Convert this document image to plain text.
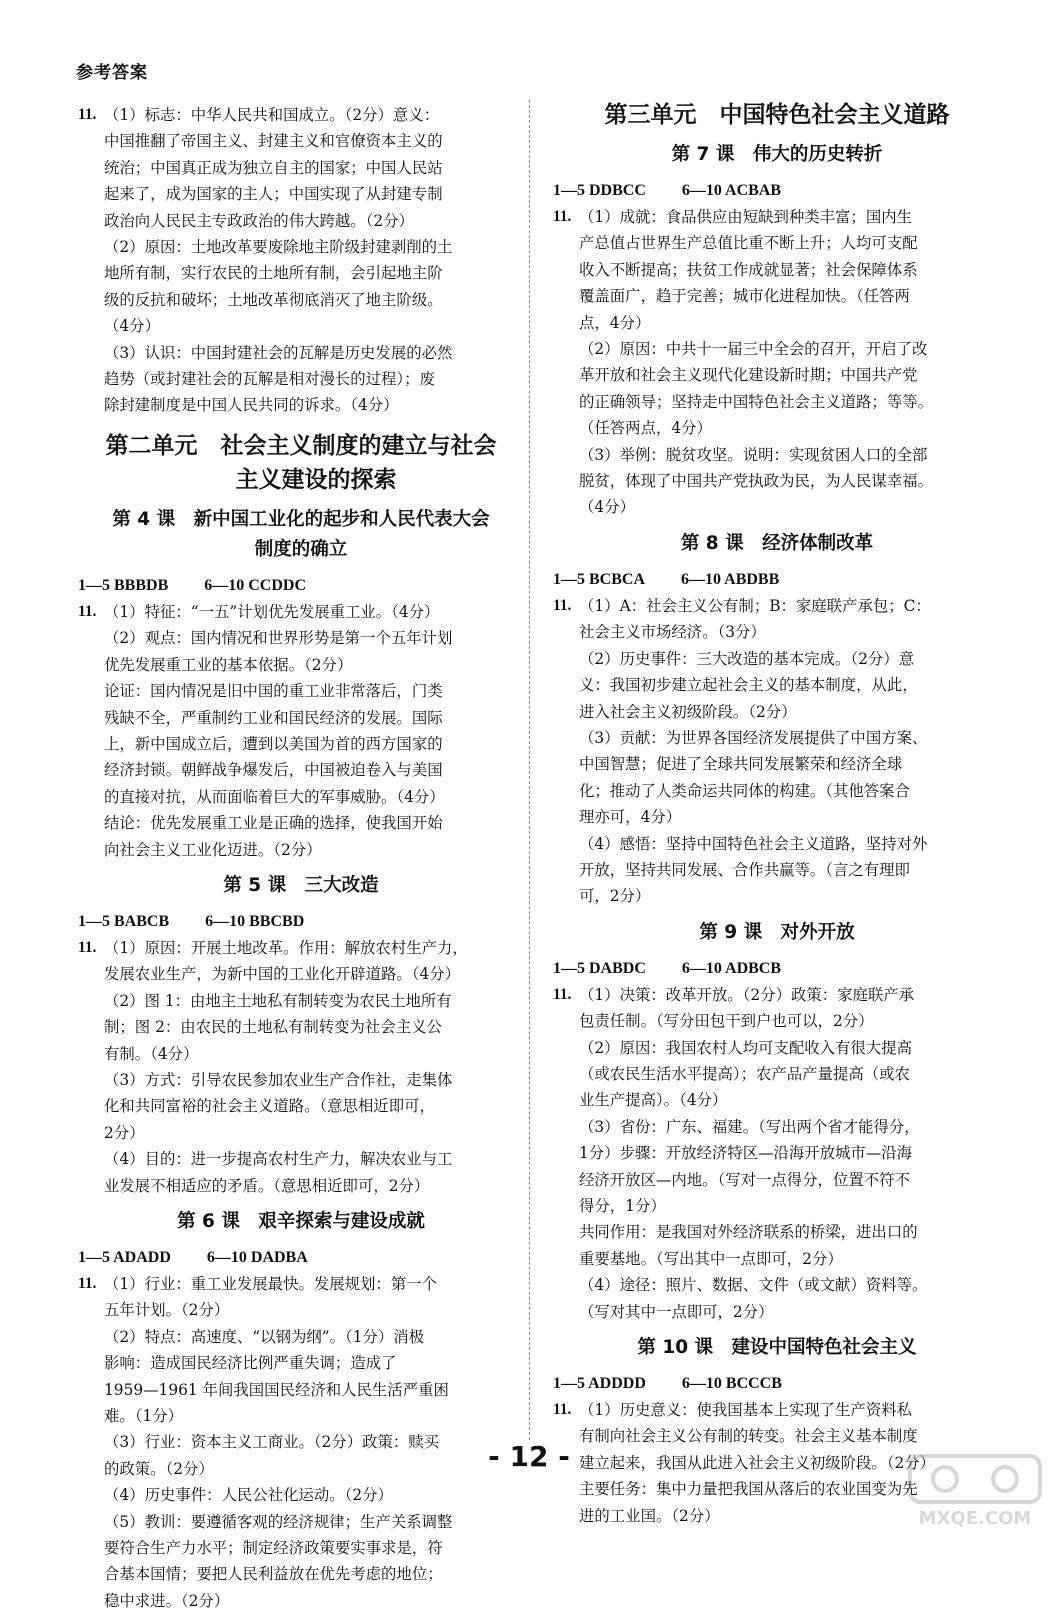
参考答案
11. （1）标志：中华人民共和国成立。（2分）意义：
中国推翻了帝国主义、封建主义和官僚资本主义的
统治；中国真正成为独立自主的国家；中国人民站
起来了，成为国家的主人；中国实现了从封建专制
政治向人民民主专政政治的伟大跨越。（2分）
（2）原因：土地改革要废除地主阶级封建剥削的土
地所有制，实行农民的土地所有制，会引起地主阶
级的反抗和破坏；土地改革彻底消灭了地主阶级。
（4分）
（3）认识：中国封建社会的瓦解是历史发展的必然
趋势（或封建社会的瓦解是相对漫长的过程）；废
除封建制度是中国人民共同的诉求。（4分）
第二单元　社会主义制度的建立与社会
主义建设的探索
第 4 课　新中国工业化的起步和人民代表大会
制度的确立
1—5 BBBDB 6—10 CCDDC
11. （1）特征：“一五”计划优先发展重工业。（4分）
（2）观点：国内情况和世界形势是第一个五年计划
优先发展重工业的基本依据。（2分）
论证：国内情况是旧中国的重工业非常落后，门类
残缺不全，严重制约工业和国民经济的发展。国际
上，新中国成立后，遭到以美国为首的西方国家的
经济封锁。朝鲜战争爆发后，中国被迫卷入与美国
的直接对抗，从而面临着巨大的军事威胁。（4分）
结论：优先发展重工业是正确的选择，使我国开始
向社会主义工业化迈进。（2分）
第 5 课　三大改造
1—5 BABCB 6—10 BBCBD
11. （1）原因：开展土地改革。作用：解放农村生产力，
发展农业生产，为新中国的工业化开辟道路。（4分）
（2）图 1：由地主土地私有制转变为农民土地所有
制；图 2：由农民的土地私有制转变为社会主义公
有制。（4分）
（3）方式：引导农民参加农业生产合作社，走集体
化和共同富裕的社会主义道路。（意思相近即可，
2分）
（4）目的：进一步提高农村生产力，解决农业与工
业发展不相适应的矛盾。（意思相近即可，2分）
第 6 课　艰辛探索与建设成就
1—5 ADADD 6—10 DADBA
11. （1）行业：重工业发展最快。发展规划：第一个
五年计划。（2分）
（2）特点：高速度、“以钢为纲”。（1分）消极
影响：造成国民经济比例严重失调；造成了
1959—1961 年间我国国民经济和人民生活严重困
难。（1分）
（3）行业：资本主义工商业。（2分）政策：赎买
的政策。（2分）
（4）历史事件：人民公社化运动。（2分）
（5）教训：要遵循客观的经济规律；生产关系调整
要符合生产力水平；制定经济政策要实事求是，符
合基本国情；要把人民利益放在优先考虑的地位；
稳中求进。（2分）
第三单元　中国特色社会主义道路
第 7 课　伟大的历史转折
1—5 DDBCC 6—10 ACBAB
11. （1）成就：食品供应由短缺到种类丰富；国内生
产总值占世界生产总值比重不断上升；人均可支配
收入不断提高；扶贫工作成就显著；社会保障体系
覆盖面广，趋于完善；城市化进程加快。（任答两
点，4分）
（2）原因：中共十一届三中全会的召开，开启了改
革开放和社会主义现代化建设新时期；中国共产党
的正确领导；坚持走中国特色社会主义道路；等等。
（任答两点，4分）
（3）举例：脱贫攻坚。说明：实现贫困人口的全部
脱贫，体现了中国共产党执政为民，为人民谋幸福。
（4分）
第 8 课　经济体制改革
1—5 BCBCA 6—10 ABDBB
11. （1）A：社会主义公有制；B：家庭联产承包；C：
社会主义市场经济。（3分）
（2）历史事件：三大改造的基本完成。（2分）意
义：我国初步建立起社会主义的基本制度，从此，
进入社会主义初级阶段。（2分）
（3）贡献：为世界各国经济发展提供了中国方案、
中国智慧；促进了全球共同发展繁荣和经济全球
化；推动了人类命运共同体的构建。（其他答案合
理亦可，4分）
（4）感悟：坚持中国特色社会主义道路，坚持对外
开放，坚持共同发展、合作共赢等。（言之有理即
可，2分）
第 9 课　对外开放
1—5 DABDC 6—10 ADBCB
11. （1）决策：改革开放。（2分）政策：家庭联产承
包责任制。（写分田包干到户也可以，2分）
（2）原因：我国农村人均可支配收入有很大提高
（或农民生活水平提高）；农产品产量提高（或农
业生产提高）。（4分）
（3）省份：广东、福建。（写出两个省才能得分，
1分）步骤：开放经济特区—沿海开放城市—沿海
经济开放区—内地。（写对一点得分，位置不符不
得分，1分）
共同作用：是我国对外经济联系的桥梁，进出口的
重要基地。（写出其中一点即可，2分）
（4）途径：照片、数据、文件（或文献）资料等。
（写对其中一点即可，2分）
第 10 课　建设中国特色社会主义
1—5 ADDDD 6—10 BCCCB
11. （1）历史意义：使我国基本上实现了生产资料私
有制向社会主义公有制的转变。社会主义基本制度
建立起来，我国从此进入社会主义初级阶段。（2分）
主要任务：集中力量把我国从落后的农业国变为先
进的工业国。（2分）
- 12 -
MXQE.COM
